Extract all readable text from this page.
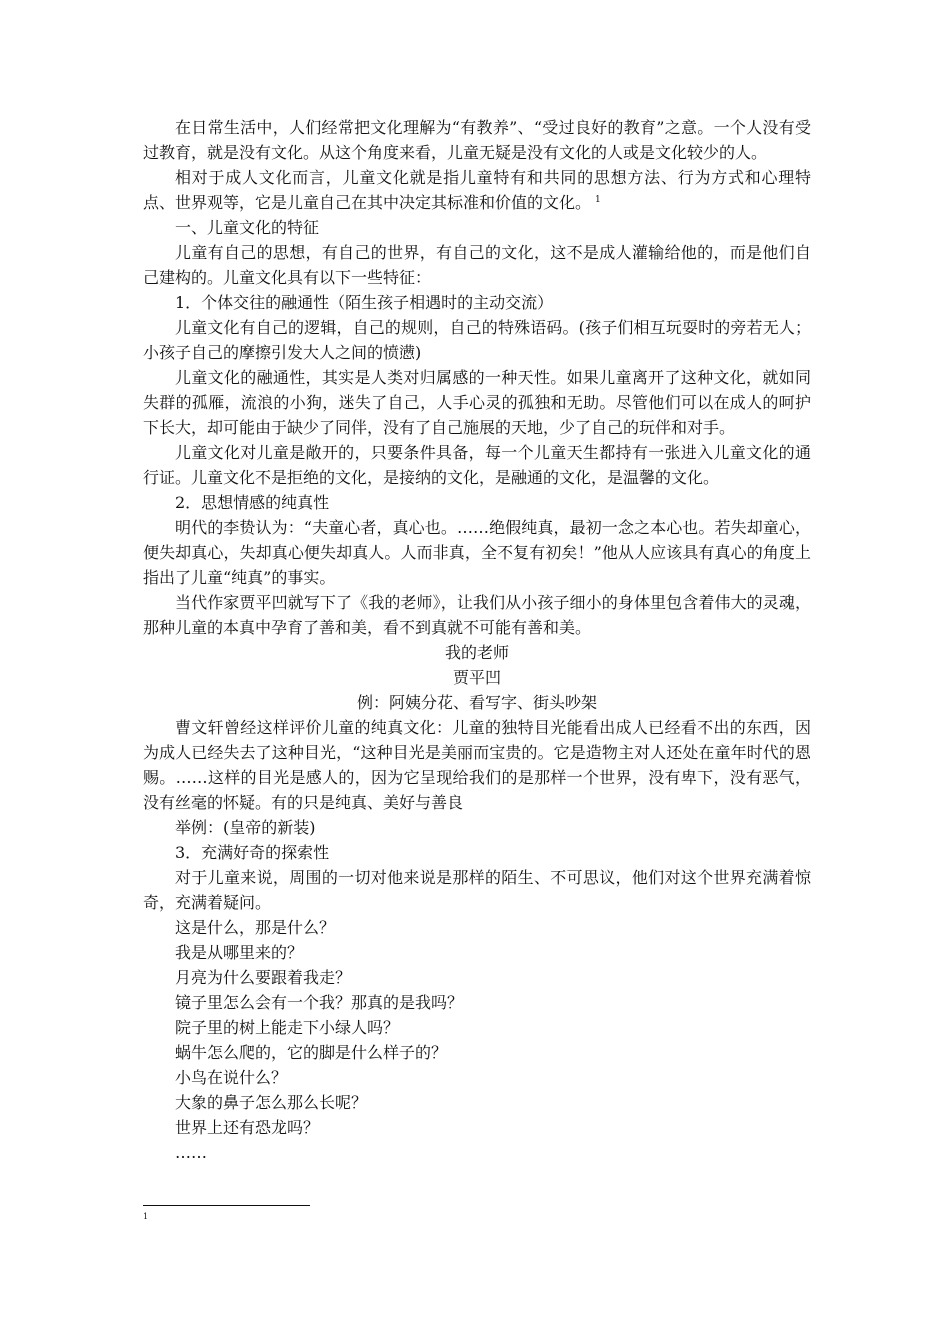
在日常生活中，人们经常把文化理解为“有教养”、“受过良好的教育”之意。一个人没有受过教育，就是没有文化。从这个角度来看，儿童无疑是没有文化的人或是文化较少的人。

相对于成人文化而言，儿童文化就是指儿童特有和共同的思想方法、行为方式和心理特点、世界观等，它是儿童自己在其中决定其标准和价值的文化。 $^1$

一、儿童文化的特征

儿童有自己的思想，有自己的世界，有自己的文化，这不是成人灌输给他的，而是他们自己建构的。儿童文化具有以下一些特征：

1．个体交往的融通性（陌生孩子相遇时的主动交流）

儿童文化有自己的逻辑，自己的规则，自己的特殊语码。(孩子们相互玩耍时的旁若无人；小孩子自己的摩擦引发大人之间的愤懑)

儿童文化的融通性，其实是人类对归属感的一种天性。如果儿童离开了这种文化，就如同失群的孤雁，流浪的小狗，迷失了自己，人手心灵的孤独和无助。尽管他们可以在成人的呵护下长大，却可能由于缺少了同伴，没有了自己施展的天地，少了自己的玩伴和对手。

儿童文化对儿童是敞开的，只要条件具备，每一个儿童天生都持有一张进入儿童文化的通行证。儿童文化不是拒绝的文化，是接纳的文化，是融通的文化，是温馨的文化。

2．思想情感的纯真性

明代的李贽认为：“夫童心者，真心也。……绝假纯真，最初一念之本心也。若失却童心，便失却真心，失却真心便失却真人。人而非真，全不复有初矣！”他从人应该具有真心的角度上指出了儿童“纯真”的事实。

当代作家贾平凹就写下了《我的老师》，让我们从小孩子细小的身体里包含着伟大的灵魂，那种儿童的本真中孕育了善和美，看不到真就不可能有善和美。

我的老师

贾平凹

例：阿姨分花、看写字、街头吵架

曹文轩曾经这样评价儿童的纯真文化：儿童的独特目光能看出成人已经看不出的东西，因为成人已经失去了这种目光，“这种目光是美丽而宝贵的。它是造物主对人还处在童年时代的恩赐。……这样的目光是感人的，因为它呈现给我们的是那样一个世界，没有卑下，没有恶气，没有丝毫的怀疑。有的只是纯真、美好与善良

举例：(皇帝的新装)

3．充满好奇的探索性

对于儿童来说，周围的一切对他来说是那样的陌生、不可思议，他们对这个世界充满着惊奇，充满着疑问。

这是什么，那是什么？

我是从哪里来的？

月亮为什么要跟着我走？

镜子里怎么会有一个我？那真的是我吗？

院子里的树上能走下小绿人吗？

蜗牛怎么爬的，它的脚是什么样子的？

小鸟在说什么？

大象的鼻子怎么那么长呢？

世界上还有恐龙吗？

……

1
